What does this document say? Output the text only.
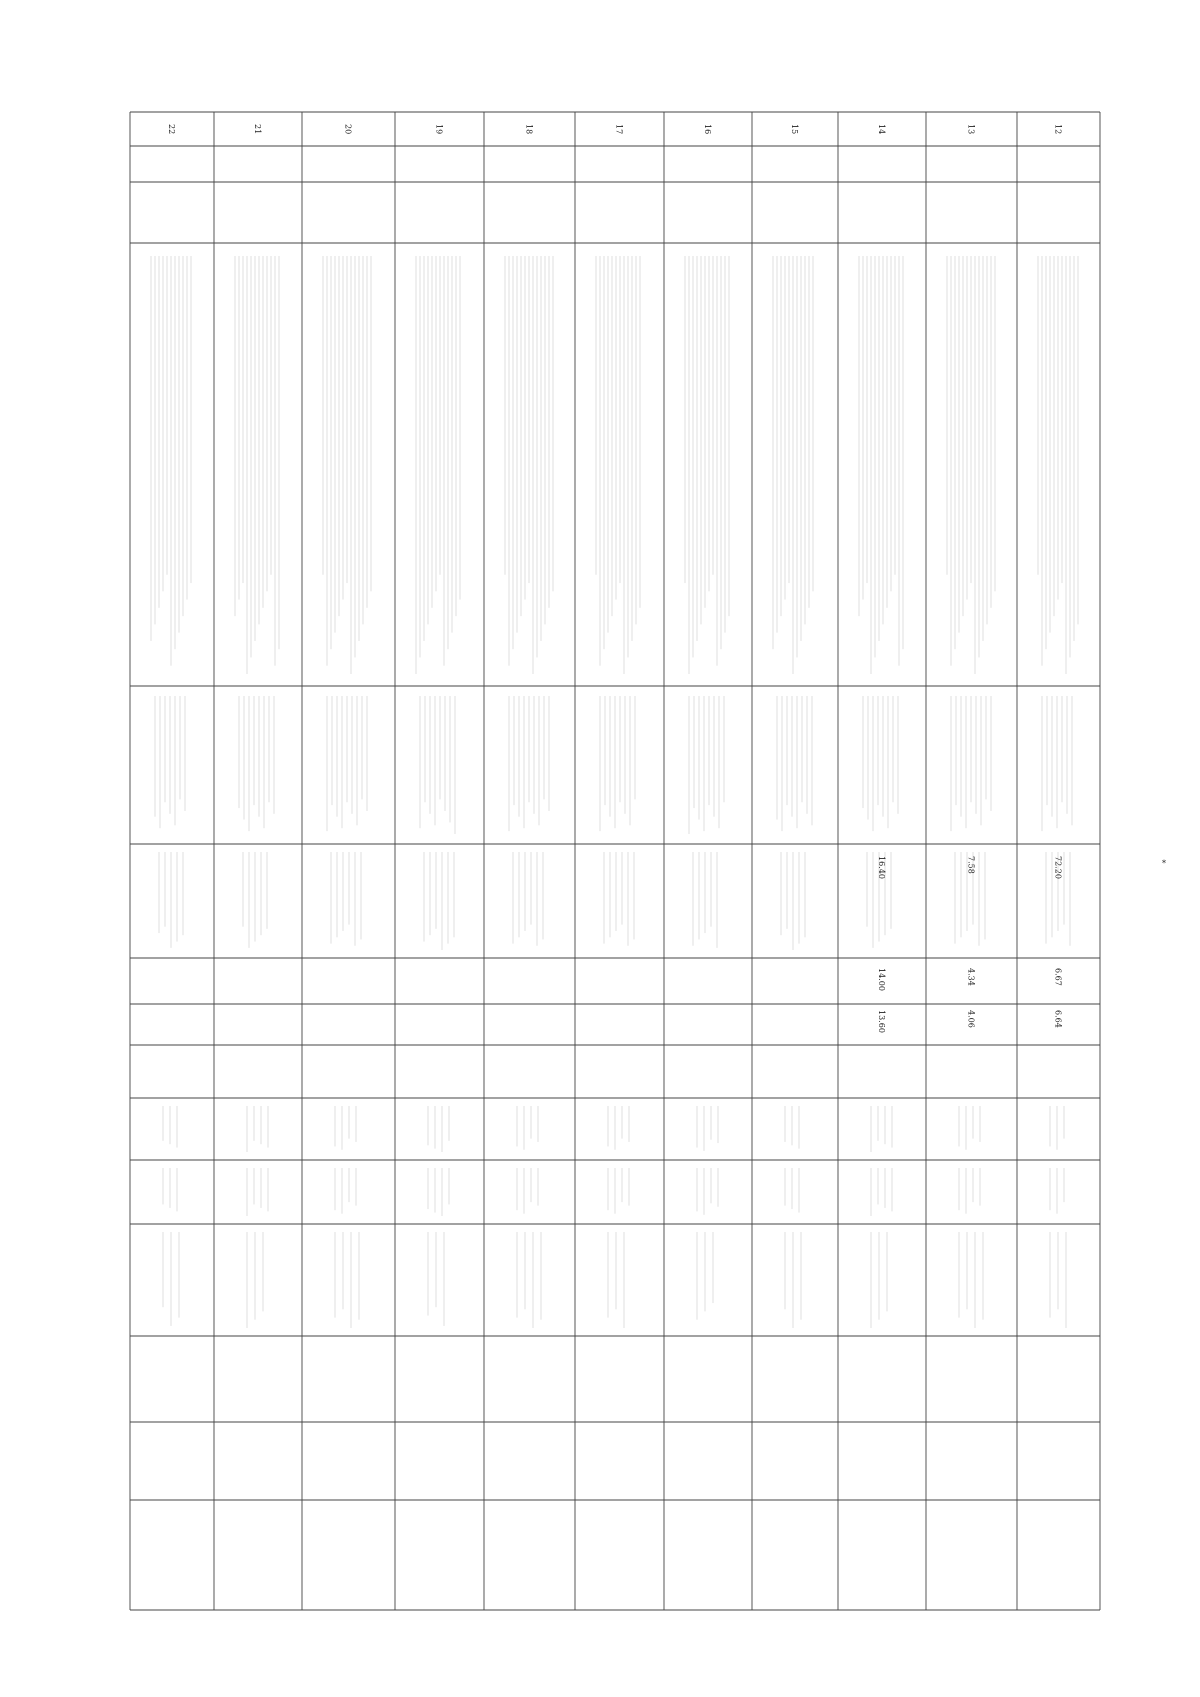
12
72.20
6.67
6.64
13
7.58
4.34
4.06
14
16.40
14.00
13.60
15
16
17
18
19
20
21
22
*
